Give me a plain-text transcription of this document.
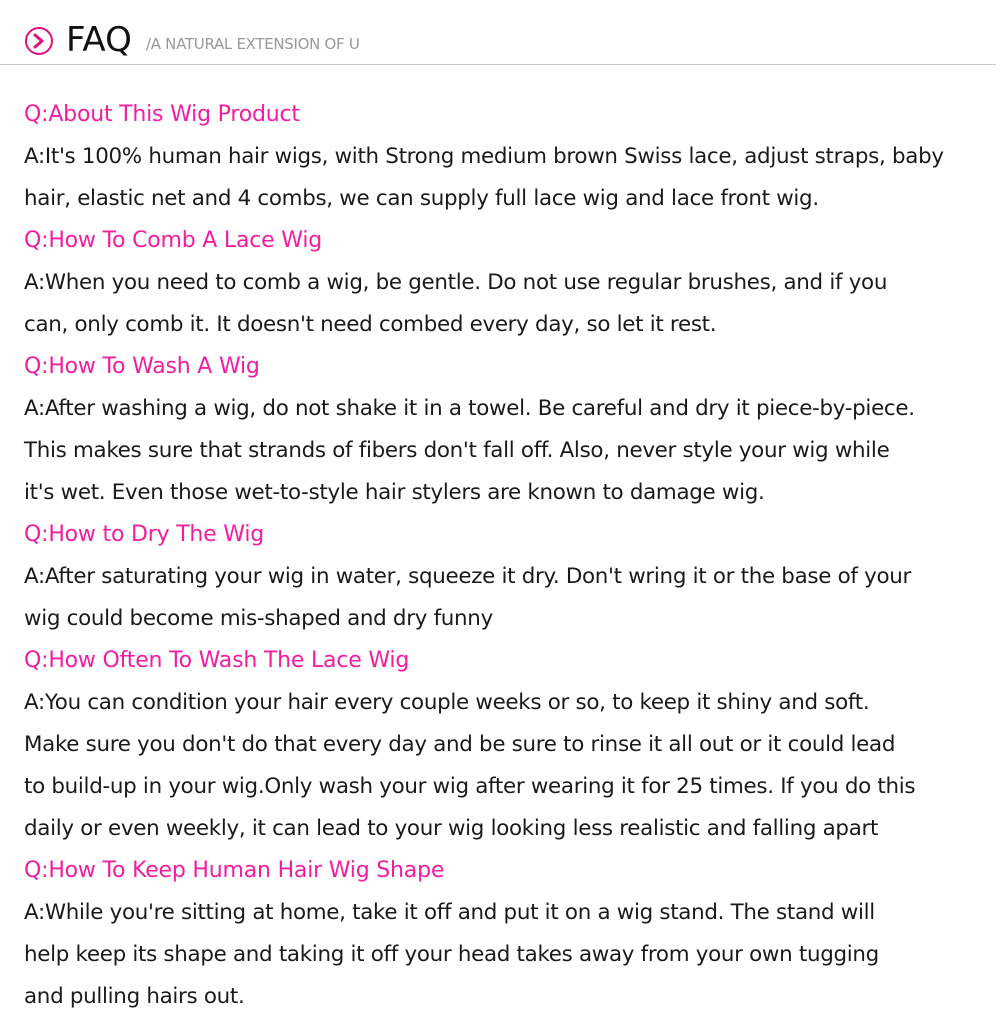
FAQ /A NATURAL EXTENSION OF U
Q:About This Wig Product
A:It's 100% human hair wigs, with Strong medium brown Swiss lace, adjust straps, baby
hair, elastic net and 4 combs, we can supply full lace wig and lace front wig.
Q:How To Comb A Lace Wig
A:When you need to comb a wig, be gentle. Do not use regular brushes, and if you
can, only comb it. It doesn't need combed every day, so let it rest.
Q:How To Wash A Wig
A:After washing a wig, do not shake it in a towel. Be careful and dry it piece-by-piece.
This makes sure that strands of fibers don't fall off. Also, never style your wig while
it's wet. Even those wet-to-style hair stylers are known to damage wig.
Q:How to Dry The Wig
A:After saturating your wig in water, squeeze it dry. Don't wring it or the base of your
wig could become mis-shaped and dry funny
Q:How Often To Wash The Lace Wig
A:You can condition your hair every couple weeks or so, to keep it shiny and soft.
Make sure you don't do that every day and be sure to rinse it all out or it could lead
to build-up in your wig.Only wash your wig after wearing it for 25 times. If you do this
daily or even weekly, it can lead to your wig looking less realistic and falling apart
Q:How To Keep Human Hair Wig Shape
A:While you're sitting at home, take it off and put it on a wig stand. The stand will
help keep its shape and taking it off your head takes away from your own tugging
and pulling hairs out.
